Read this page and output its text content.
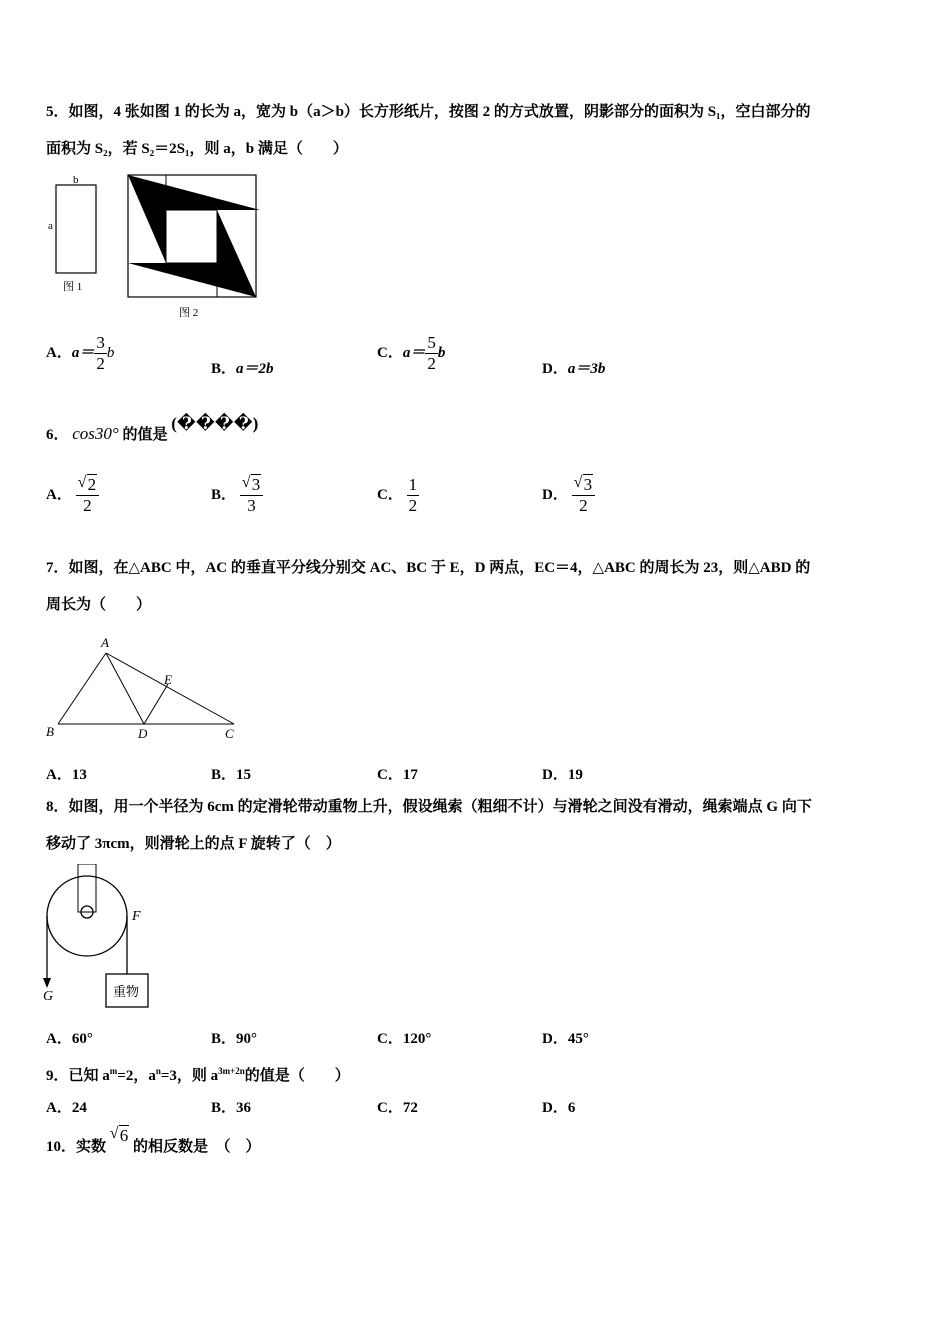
5．如图，4 张如图 1 的长为 a，宽为 b（a＞b）长方形纸片，按图 2 的方式放置，阴影部分的面积为 S₁，空白部分的
面积为 S₂，若 S₂＝2S₁，则 a，b 满足（　　）
b
a
图 1
图 2
A．$a= \frac{3}{2}$ b
B．a＝2b
C．$a= \frac{5}{2}$ b
D．a＝3b
6． cos30° 的值是 (����)
A． $\frac{√ 2}{2}$	B． $\frac{√ 3}{3}$	C． $\frac{1}{2}$	D． $\frac{√ 3}{2}$
7．如图，在△ABC 中，AC 的垂直平分线分别交 AC、BC 于 E，D 两点，EC＝4，△ABC 的周长为 23，则△ABD 的
周长为（　　）
A
B	C
D
E
A．13	B．15	C．17	D．19
8．如图，用一个半径为 6cm 的定滑轮带动重物上升，假设绳索（粗细不计）与滑轮之间没有滑动，绳索端点 G 向下
移动了 3πcm，则滑轮上的点 F 旋转了（　）
重物
F
G
A．60°	B．90°	C．120°	D．45°
9．已知 $a^m=2$，$a^n=3$，则 $a^{3m+2n}$的值是（　　）
A．24	B．36	C．72	D．6
10．实数
√ 6 的相反数是　（　）
